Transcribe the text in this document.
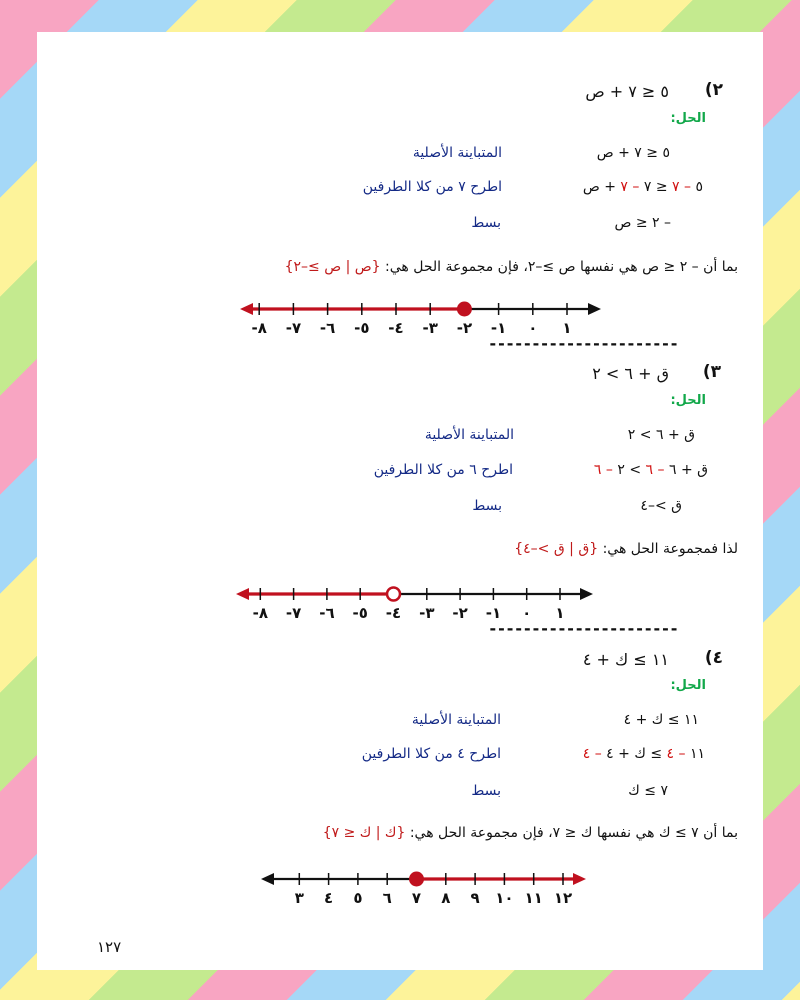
٢)
٥ ≤ ٧ + ص
الحل:
٥ ≤ ٧ + ص
المتباينة الأصلية
٥ – ٧ ≤ ٧ – ٧ + ص
اطرح ٧ من كلا الطرفين
– ٢ ≤ ص
بسط
بما أن – ٢ ≤ ص هي نفسها ص ≥–٢، فإن مجموعة الحل هي: {ص | ص ≥–٢}
١
٠
-١
-٢
-٣
-٤
-٥
-٦
-٧
-٨
----------------------
٣)
ق + ٦ > ٢
الحل:
ق + ٦ > ٢
المتباينة الأصلية
ق + ٦ – ٦ > ٢ – ٦
اطرح ٦ من كلا الطرفين
ق >–٤
بسط
لذا فمجموعة الحل هي: {ق | ق >–٤}
١
٠
-١
-٢
-٣
-٤
-٥
-٦
-٧
-٨
----------------------
٤)
١١ ≥ ك + ٤
الحل:
١١ ≥ ك + ٤
المتباينة الأصلية
١١ – ٤ ≥ ك + ٤ – ٤
اطرح ٤ من كلا الطرفين
٧ ≥ ك
بسط
بما أن ٧ ≥ ك هي نفسها ك ≤ ٧، فإن مجموعة الحل هي: {ك | ك ≤ ٧}
١٢
١١
١٠
٩
٨
٧
٦
٥
٤
٣
١٢٧
